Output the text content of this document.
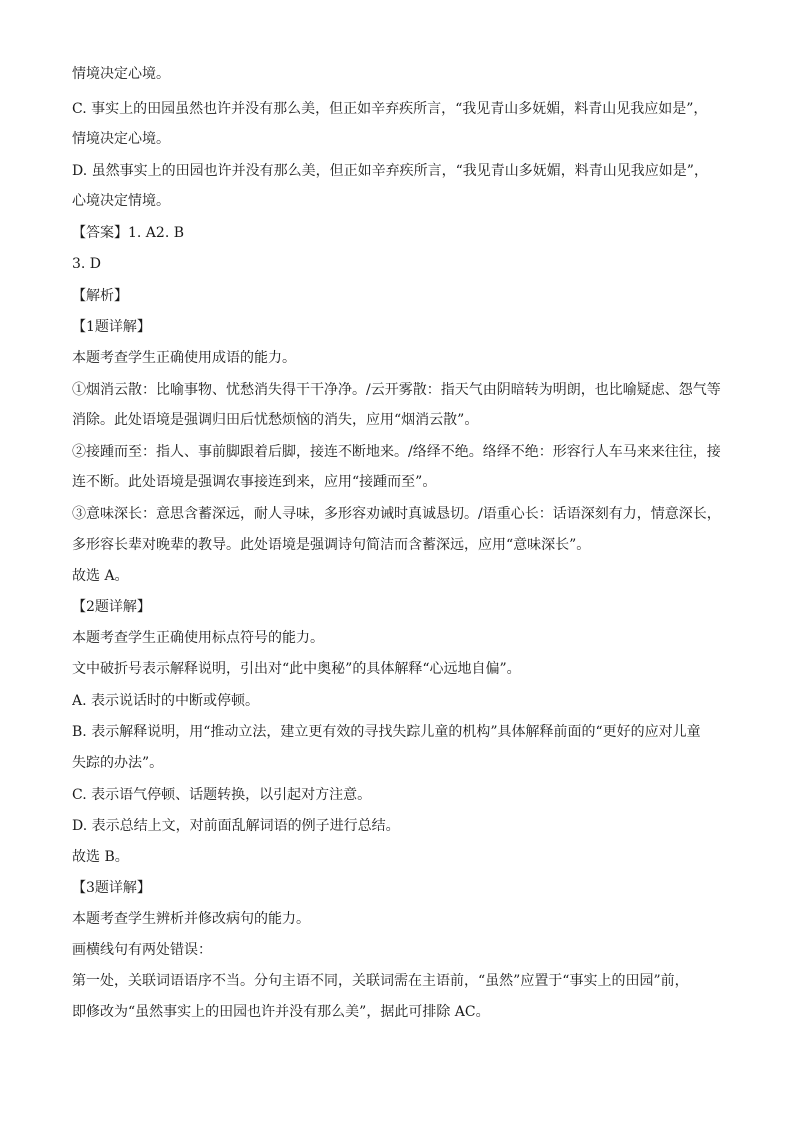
情境决定心境。
C. 事实上的田园虽然也许并没有那么美，但正如辛弃疾所言，“我见青山多妩媚，料青山见我应如是”，
情境决定心境。
D. 虽然事实上的田园也许并没有那么美，但正如辛弃疾所言，“我见青山多妩媚，料青山见我应如是”，
心境决定情境。
【答案】1. A2. B
3. D
【解析】
【1题详解】
本题考查学生正确使用成语的能力。
①烟消云散：比喻事物、忧愁消失得干干净净。/云开雾散：指天气由阴暗转为明朗，也比喻疑虑、怨气等
消除。此处语境是强调归田后忧愁烦恼的消失，应用“烟消云散”。
②接踵而至：指人、事前脚跟着后脚，接连不断地来。/络绎不绝。络绎不绝：形容行人车马来来往往，接
连不断。此处语境是强调农事接连到来，应用“接踵而至”。
③意味深长：意思含蓄深远，耐人寻味，多形容劝诫时真诚恳切。/语重心长：话语深刻有力，情意深长，
多形容长辈对晚辈的教导。此处语境是强调诗句简洁而含蓄深远，应用“意味深长”。
故选 A。
【2题详解】
本题考查学生正确使用标点符号的能力。
文中破折号表示解释说明，引出对“此中奥秘”的具体解释“心远地自偏”。
A. 表示说话时的中断或停顿。
B. 表示解释说明，用“推动立法，建立更有效的寻找失踪儿童的机构”具体解释前面的“更好的应对儿童
失踪的办法”。
C. 表示语气停顿、话题转换，以引起对方注意。
D. 表示总结上文，对前面乱解词语的例子进行总结。
故选 B。
【3题详解】
本题考查学生辨析并修改病句的能力。
画横线句有两处错误：
第一处，关联词语语序不当。分句主语不同，关联词需在主语前，“虽然”应置于“事实上的田园”前，
即修改为“虽然事实上的田园也许并没有那么美”，据此可排除 AC。
